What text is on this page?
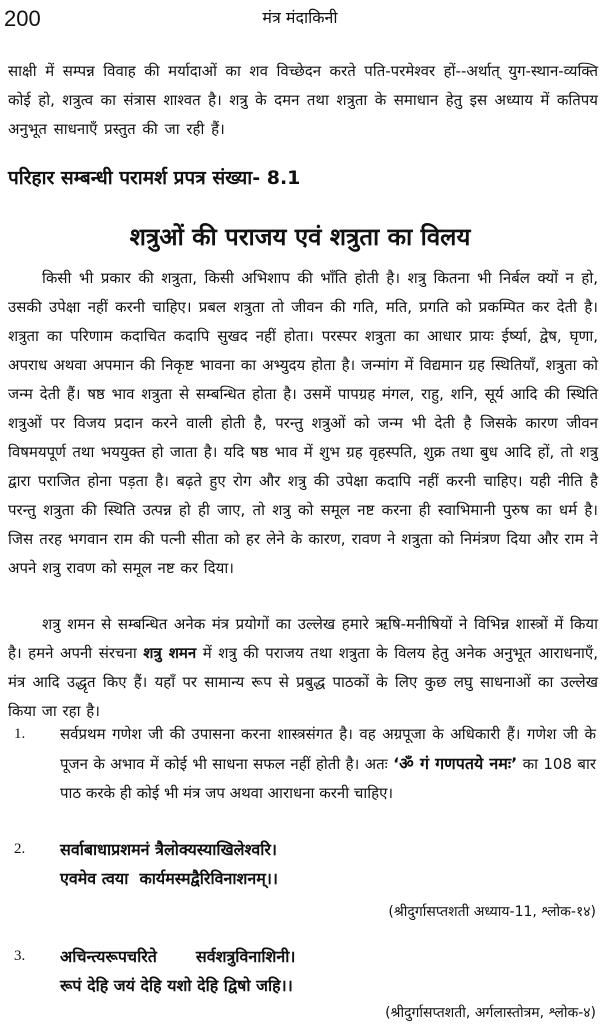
200	मंत्र मंदाकिनी

साक्षी में सम्पन्न विवाह की मर्यादाओं का शव विच्छेदन करते पति-परमेश्वर हों--अर्थात् युग-स्थान-व्यक्ति कोई हो, शत्रुत्व का संत्रास शाश्वत है। शत्रु के दमन तथा शत्रुता के समाधान हेतु इस अध्याय में कतिपय अनुभूत साधनाएँ प्रस्तुत की जा रही हैं।

परिहार सम्बन्धी परामर्श प्रपत्र संख्या- 8.1
शत्रुओं की पराजय एवं शत्रुता का विलय

किसी भी प्रकार की शत्रुता, किसी अभिशाप की भाँति होती है। शत्रु कितना भी निर्बल क्यों न हो, उसकी उपेक्षा नहीं करनी चाहिए। प्रबल शत्रुता तो जीवन की गति, मति, प्रगति को प्रकम्पित कर देती है। शत्रुता का परिणाम कदाचित कदापि सुखद नहीं होता। परस्पर शत्रुता का आधार प्रायः ईर्ष्या, द्वेष, घृणा, अपराध अथवा अपमान की निकृष्ट भावना का अभ्युदय होता है। जन्मांग में विद्यमान ग्रह स्थितियाँ, शत्रुता को जन्म देती हैं। षष्ठ भाव शत्रुता से सम्बन्धित होता है। उसमें पापग्रह मंगल, राहु, शनि, सूर्य आदि की स्थिति शत्रुओं पर विजय प्रदान करने वाली होती है, परन्तु शत्रुओं को जन्म भी देती है जिसके कारण जीवन विषमयपूर्ण तथा भययुक्त हो जाता है। यदि षष्ठ भाव में शुभ ग्रह वृहस्पति, शुक्र तथा बुध आदि हों, तो शत्रु द्वारा पराजित होना पड़ता है। बढ़ते हुए रोग और शत्रु की उपेक्षा कदापि नहीं करनी चाहिए। यही नीति है परन्तु शत्रुता की स्थिति उत्पन्न हो ही जाए, तो शत्रु को समूल नष्ट करना ही स्वाभिमानी पुरुष का धर्म है। जिस तरह भगवान राम की पत्नी सीता को हर लेने के कारण, रावण ने शत्रुता को निमंत्रण दिया और राम ने अपने शत्रु रावण को समूल नष्ट कर दिया।

शत्रु शमन से सम्बन्धित अनेक मंत्र प्रयोगों का उल्लेख हमारे ऋषि-मनीषियों ने विभिन्न शास्त्रों में किया है। हमने अपनी संरचना शत्रु शमन में शत्रु की पराजय तथा शत्रुता के विलय हेतु अनेक अनुभूत आराधनाएँ, मंत्र आदि उद्धृत किए हैं। यहाँ पर सामान्य रूप से प्रबुद्ध पाठकों के लिए कुछ लघु साधनाओं का उल्लेख किया जा रहा है।

1. सर्वप्रथम गणेश जी की उपासना करना शास्त्रसंगत है। वह अग्रपूजा के अधिकारी हैं। गणेश जी के पूजन के अभाव में कोई भी साधना सफल नहीं होती है। अतः ‘ॐ गं गणपतये नमः’ का 108 बार पाठ करके ही कोई भी मंत्र जप अथवा आराधना करनी चाहिए।

2. सर्वाबाधाप्रशमनं त्रैलोक्यस्याखिलेश्वरि।
एवमेव त्वया  कार्यमस्मद्वैरिविनाशनम्।।
(श्रीदुर्गासप्तशती अध्याय-11, श्लोक-१४)
3. अचिन्त्यरूपचरिते       सर्वशत्रुविनाशिनी।
रूपं देहि जयं देहि यशो देहि द्विषो जहि।।
(श्रीदुर्गासप्तशती, अर्गलास्तोत्रम, श्लोक-४)
